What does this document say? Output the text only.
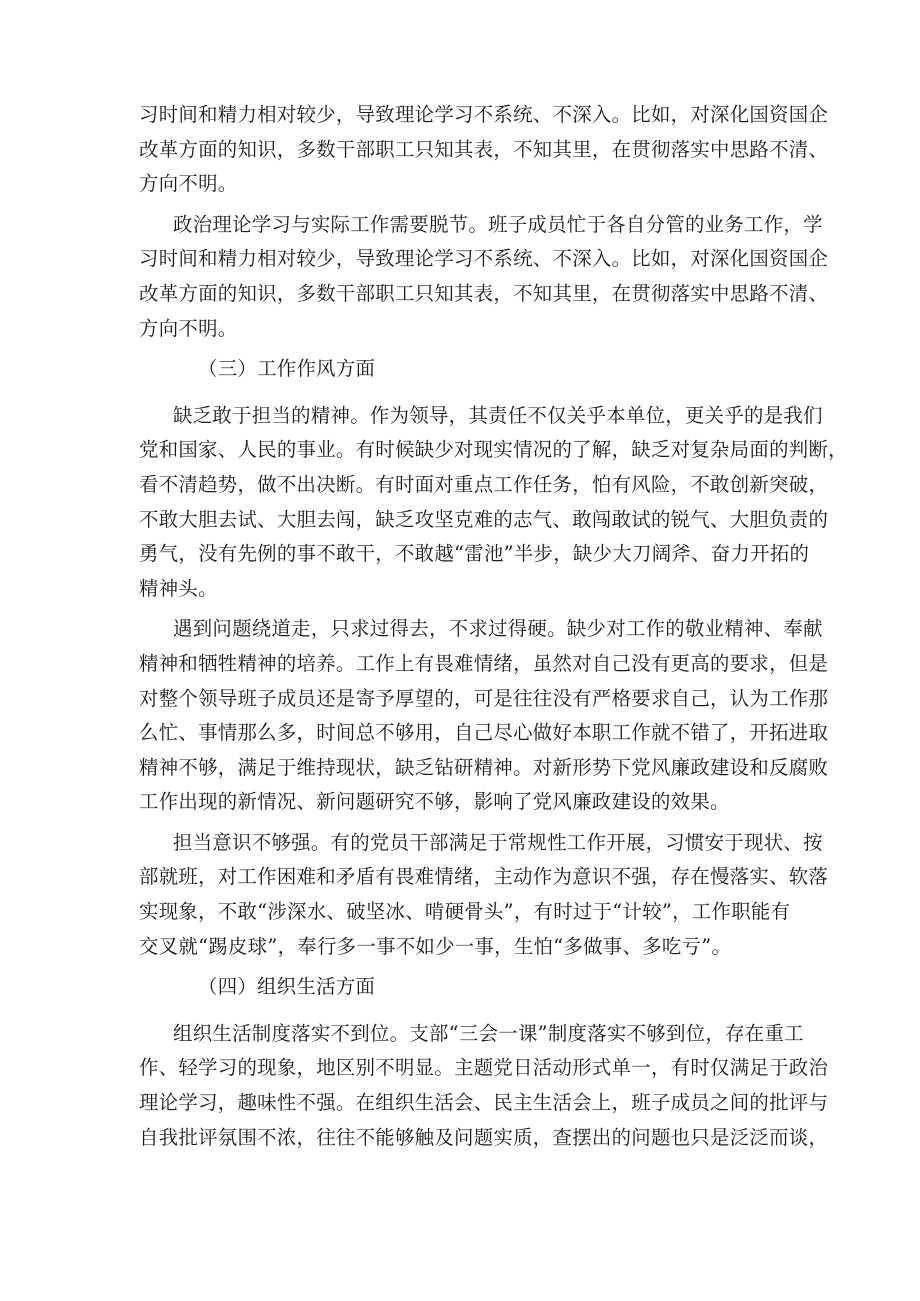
习时间和精力相对较少，导致理论学习不系统、不深入。比如，对深化国资国企
改革方面的知识，多数干部职工只知其表，不知其里，在贯彻落实中思路不清、
方向不明。
政治理论学习与实际工作需要脱节。班子成员忙于各自分管的业务工作，学
习时间和精力相对较少，导致理论学习不系统、不深入。比如，对深化国资国企
改革方面的知识，多数干部职工只知其表，不知其里，在贯彻落实中思路不清、
方向不明。
（三）工作作风方面
缺乏敢于担当的精神。作为领导，其责任不仅关乎本单位，更关乎的是我们
党和国家、人民的事业。有时候缺少对现实情况的了解，缺乏对复杂局面的判断，
看不清趋势，做不出决断。有时面对重点工作任务，怕有风险，不敢创新突破，
不敢大胆去试、大胆去闯，缺乏攻坚克难的志气、敢闯敢试的锐气、大胆负责的
勇气，没有先例的事不敢干，不敢越“雷池”半步，缺少大刀阔斧、奋力开拓的
精神头。
遇到问题绕道走，只求过得去，不求过得硬。缺少对工作的敬业精神、奉献
精神和牺牲精神的培养。工作上有畏难情绪，虽然对自己没有更高的要求，但是
对整个领导班子成员还是寄予厚望的，可是往往没有严格要求自己，认为工作那
么忙、事情那么多，时间总不够用，自己尽心做好本职工作就不错了，开拓进取
精神不够，满足于维持现状，缺乏钻研精神。对新形势下党风廉政建设和反腐败
工作出现的新情况、新问题研究不够，影响了党风廉政建设的效果。
担当意识不够强。有的党员干部满足于常规性工作开展，习惯安于现状、按
部就班，对工作困难和矛盾有畏难情绪，主动作为意识不强，存在慢落实、软落
实现象，不敢“涉深水、破坚冰、啃硬骨头”，有时过于“计较”，工作职能有
交叉就“踢皮球”，奉行多一事不如少一事，生怕“多做事、多吃亏”。
（四）组织生活方面
组织生活制度落实不到位。支部“三会一课”制度落实不够到位，存在重工
作、轻学习的现象，地区别不明显。主题党日活动形式单一，有时仅满足于政治
理论学习，趣味性不强。在组织生活会、民主生活会上，班子成员之间的批评与
自我批评氛围不浓，往往不能够触及问题实质，查摆出的问题也只是泛泛而谈，
